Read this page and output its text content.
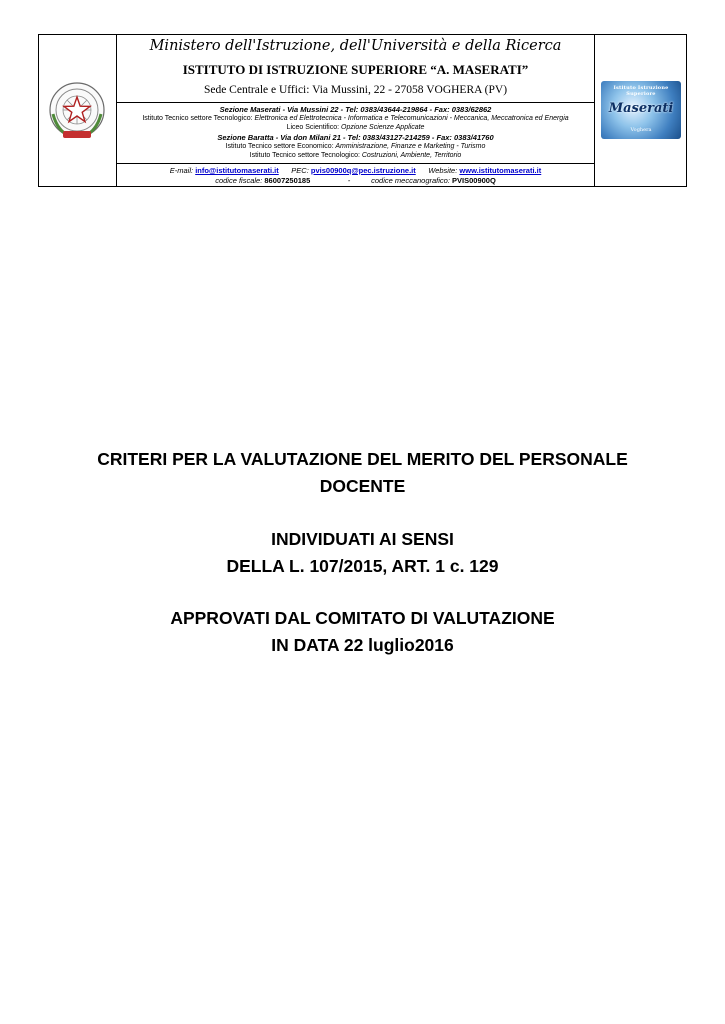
Ministero dell'Istruzione, dell'Università e della Ricerca
ISTITUTO DI ISTRUZIONE SUPERIORE “A. MASERATI”
Sede Centrale e Uffici: Via Mussini, 22 - 27058 VOGHERA (PV)
Sezione Maserati - Via Mussini 22 - Tel: 0383/43644-219864 - Fax: 0383/62862
Istituto Tecnico settore Tecnologico: Elettronica ed Elettrotecnica - Informatica e Telecomunicazioni - Meccanica, Meccatronica ed Energia
Liceo Scientifico: Opzione Scienze Applicate
Sezione Baratta - Via don Milani 21 - Tel: 0383/43127-214259 - Fax: 0383/41760
Istituto Tecnico settore Economico: Amministrazione, Finanze e Marketing - Turismo
Istituto Tecnico settore Tecnologico: Costruzioni, Ambiente, Territorio
E-mail: info@istitutomaserati.it PEC: pvis00900q@pec.istruzione.it Website: www.istitutomaserati.it
codice fiscale: 86007250185	-	codice meccanografico: PVIS00900Q
Istituto Istruzione Superiore
Maserati
Voghera
CRITERI PER LA VALUTAZIONE DEL MERITO DEL PERSONALE
DOCENTE
INDIVIDUATI AI SENSI
DELLA L. 107/2015, ART. 1 c. 129
APPROVATI DAL COMITATO DI VALUTAZIONE
IN DATA 22 luglio2016
